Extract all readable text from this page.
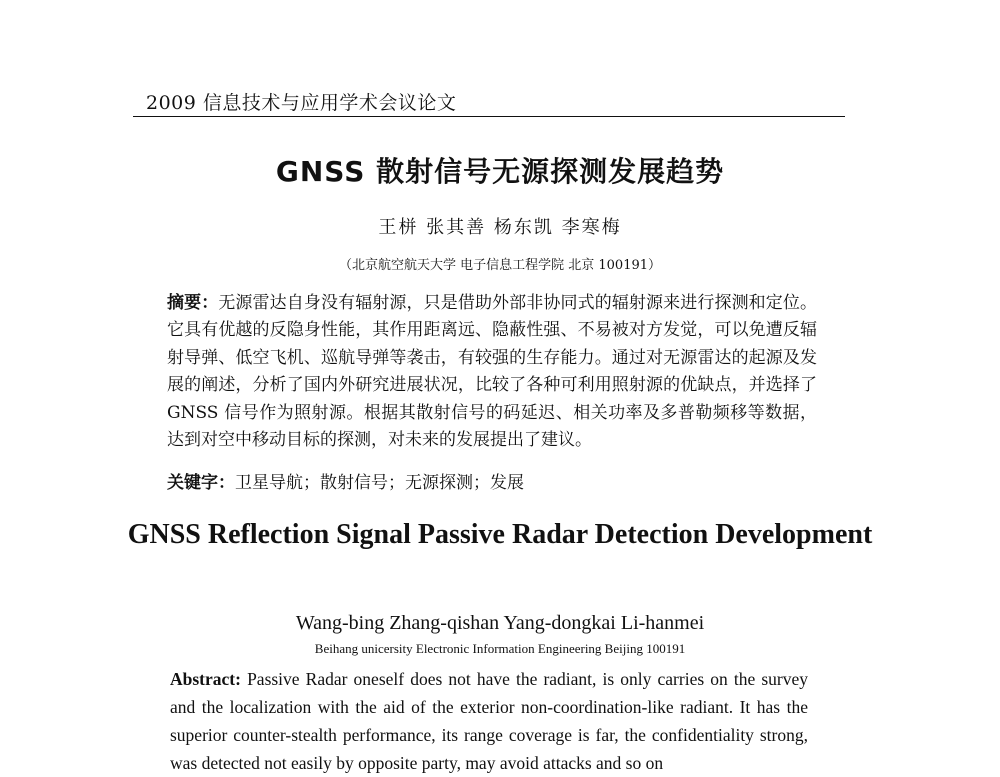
2009 信息技术与应用学术会议论文
GNSS 散射信号无源探测发展趋势
王栟 张其善 杨东凯 李寒梅
（北京航空航天大学 电子信息工程学院 北京 100191）
摘要：无源雷达自身没有辐射源，只是借助外部非协同式的辐射源来进行探测和定位。它具有优越的反隐身性能，其作用距离远、隐蔽性强、不易被对方发觉，可以免遭反辐射导弹、低空飞机、巡航导弹等袭击，有较强的生存能力。通过对无源雷达的起源及发展的阐述，分析了国内外研究进展状况，比较了各种可利用照射源的优缺点，并选择了 GNSS 信号作为照射源。根据其散射信号的码延迟、相关功率及多普勒频移等数据，达到对空中移动目标的探测，对未来的发展提出了建议。
关键字：卫星导航；散射信号；无源探测；发展
GNSS Reflection Signal Passive Radar Detection Development
Wang-bing Zhang-qishan Yang-dongkai Li-hanmei
Beihang unicersity Electronic Information Engineering Beijing 100191
Abstract: Passive Radar oneself does not have the radiant, is only carries on the survey and the localization with the aid of the exterior non-coordination-like radiant. It has the superior counter-stealth performance, its range coverage is far, the confidentiality strong, was detected not easily by opposite party, may avoid attacks and so on
